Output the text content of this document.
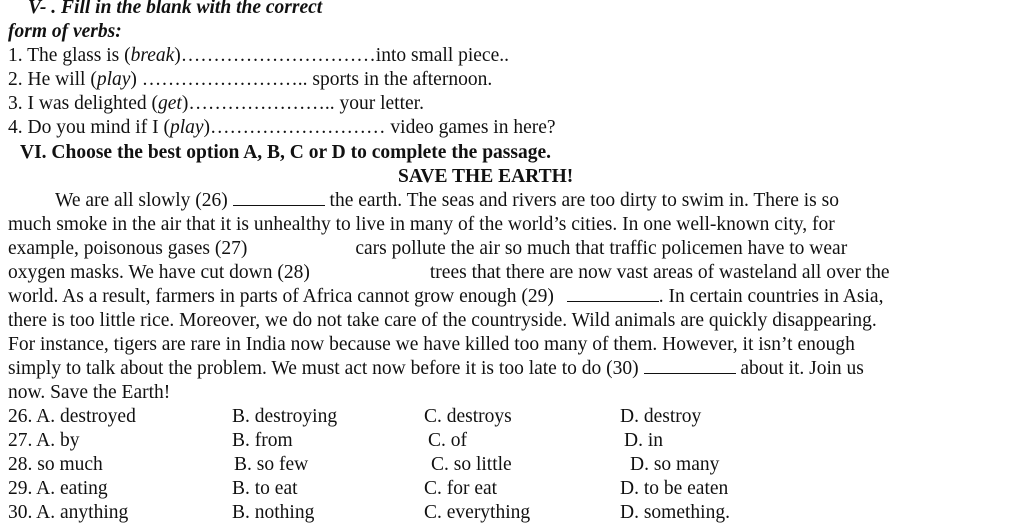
V- . Fill in the blank with the correct
form of verbs:
1. The glass is (break)…………………………into small piece..
2. He will (play) …………………….. sports in the afternoon.
3. I was delighted (get)………………….. your letter.
4. Do you mind if I (play)……………………… video games in here?
VI. Choose the best option A, B, C or D to complete the passage.
SAVE THE EARTH!
We are all slowly (26)	the earth. The seas and rivers are too dirty to swim in. There is so
much smoke in the air that it is unhealthy to live in many of the world’s cities. In one well-known city, for
example, poisonous gases (27)	cars pollute the air so much that traffic policemen have to wear
oxygen masks. We have cut down (28)	trees that there are now vast areas of wasteland all over the
world. As a result, farmers in parts of Africa cannot grow enough (29)	. In certain countries in Asia,
there is too little rice. Moreover, we do not take care of the countryside. Wild animals are quickly disappearing.
For instance, tigers are rare in India now because we have killed too many of them. However, it isn’t enough
simply to talk about the problem. We must act now before it is too late to do (30)	about it. Join us
now. Save the Earth!
26. A. destroyed	B. destroying	C. destroys	D. destroy
27. A. by	B. from	C. of	D. in
28. so much	B. so few	C. so little	D. so many
29. A. eating	B. to eat	C. for eat	D. to be eaten
30. A. anything	B. nothing	C. everything	D. something.
